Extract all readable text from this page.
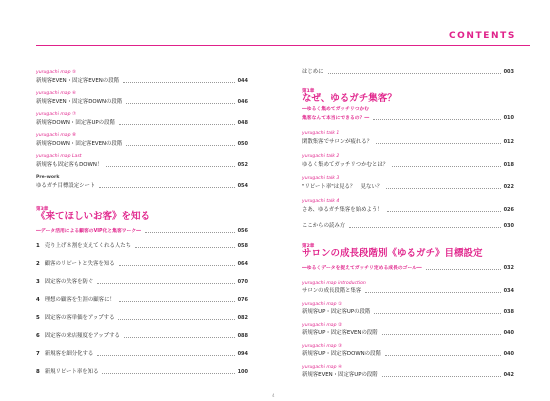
CONTENTS
yurugachi map ⑤
新規客EVEN・固定客EVENの段階	044
yurugachi map ⑥
新規客EVEN・固定客DOWNの段階	046
yurugachi map ⑦
新規客DOWN・固定客UPの段階	048
yurugachi map ⑧
新規客DOWN・固定客EVENの段階	050
yurugachi map Last
新規客も固定客もDOWN！	052
Pre-work
ゆるガチ目標設定シート	054
第3章
《来てほしいお客》を知る
―データ活用による顧客のVIP化と集客ワーク―	056
1 売り上げ８割を支えてくれる人たち	058
2 顧客のリピートと失客を知る	064
3 固定客の失客を防ぐ	070
4 理想の顧客を生涯の顧客に！	076
5 固定客の客単価をアップする	082
6 固定客の来店頻度をアップする	088
7 新規客を細分化する	094
8 新規リピート率を知る	100
はじめに	003
第1章
なぜ、ゆるガチ集客？
―ゆるく集めてガッチリつかむ
集客なんて本当にできるの？―	010
yurugachi talk 1
閑散集客でサロンが疲れる？	012
yurugachi talk 2
ゆるく集めてガッチリつかむとは？	018
yurugachi talk 3
"リピート率"は見る？　見ない？	022
yurugachi talk 4
さあ、ゆるガチ集客を始めよう！	026
ここからの読み方	030
第2章
サロンの成長段階別《ゆるガチ》目標設定
―ゆるくデータを捉えてガッチリ定める成長のゴール―	032
yurugachi map introduction
サロンの成長段階と集客	034
yurugachi map ①
新規客UP・固定客UPの段階	038
yurugachi map ②
新規客UP・固定客EVENの段階	040
yurugachi map ③
新規客UP・固定客DOWNの段階	040
yurugachi map ④
新規客EVEN・固定客UPの段階	042
4
